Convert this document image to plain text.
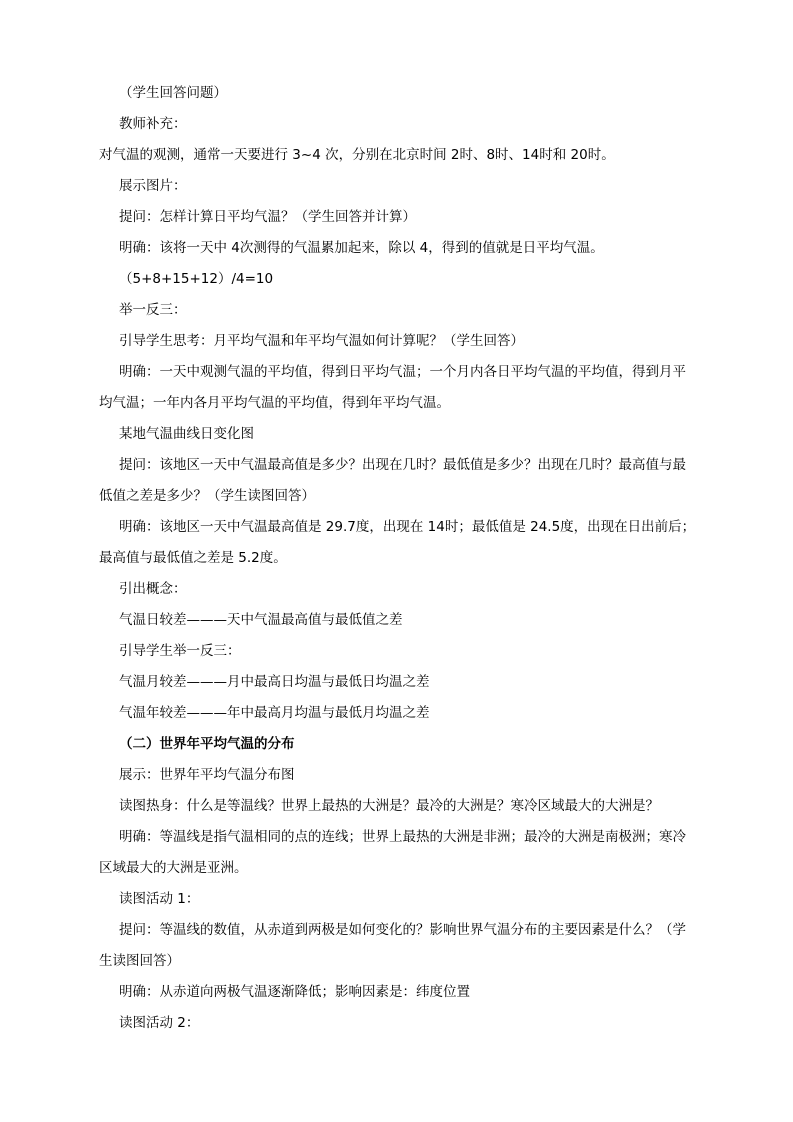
（学生回答问题）

教师补充：

对气温的观测，通常一天要进行 3~4 次，分别在北京时间 2时、8时、14时和 20时。

展示图片：

提问：怎样计算日平均气温？（学生回答并计算）

明确：该将一天中 4次测得的气温累加起来，除以 4，得到的值就是日平均气温。

（5+8+15+12）/4=10

举一反三：

引导学生思考：月平均气温和年平均气温如何计算呢？（学生回答）

明确：一天中观测气温的平均值，得到日平均气温；一个月内各日平均气温的平均值，得到月平

均气温；一年内各月平均气温的平均值，得到年平均气温。

某地气温曲线日变化图

提问：该地区一天中气温最高值是多少？出现在几时？最低值是多少？出现在几时？最高值与最

低值之差是多少？（学生读图回答）

明确：该地区一天中气温最高值是 29.7度，出现在 14时；最低值是 24.5度，出现在日出前后；

最高值与最低值之差是 5.2度。

引出概念：

气温日较差———天中气温最高值与最低值之差

引导学生举一反三：

气温月较差———月中最高日均温与最低日均温之差

气温年较差———年中最高月均温与最低月均温之差

（二）世界年平均气温的分布

展示：世界年平均气温分布图

读图热身：什么是等温线？世界上最热的大洲是？最冷的大洲是？寒冷区域最大的大洲是？

明确：等温线是指气温相同的点的连线；世界上最热的大洲是非洲；最冷的大洲是南极洲；寒冷

区域最大的大洲是亚洲。

读图活动 1：

提问：等温线的数值，从赤道到两极是如何变化的？影响世界气温分布的主要因素是什么？（学

生读图回答）

明确：从赤道向两极气温逐渐降低；影响因素是：纬度位置

读图活动 2：
